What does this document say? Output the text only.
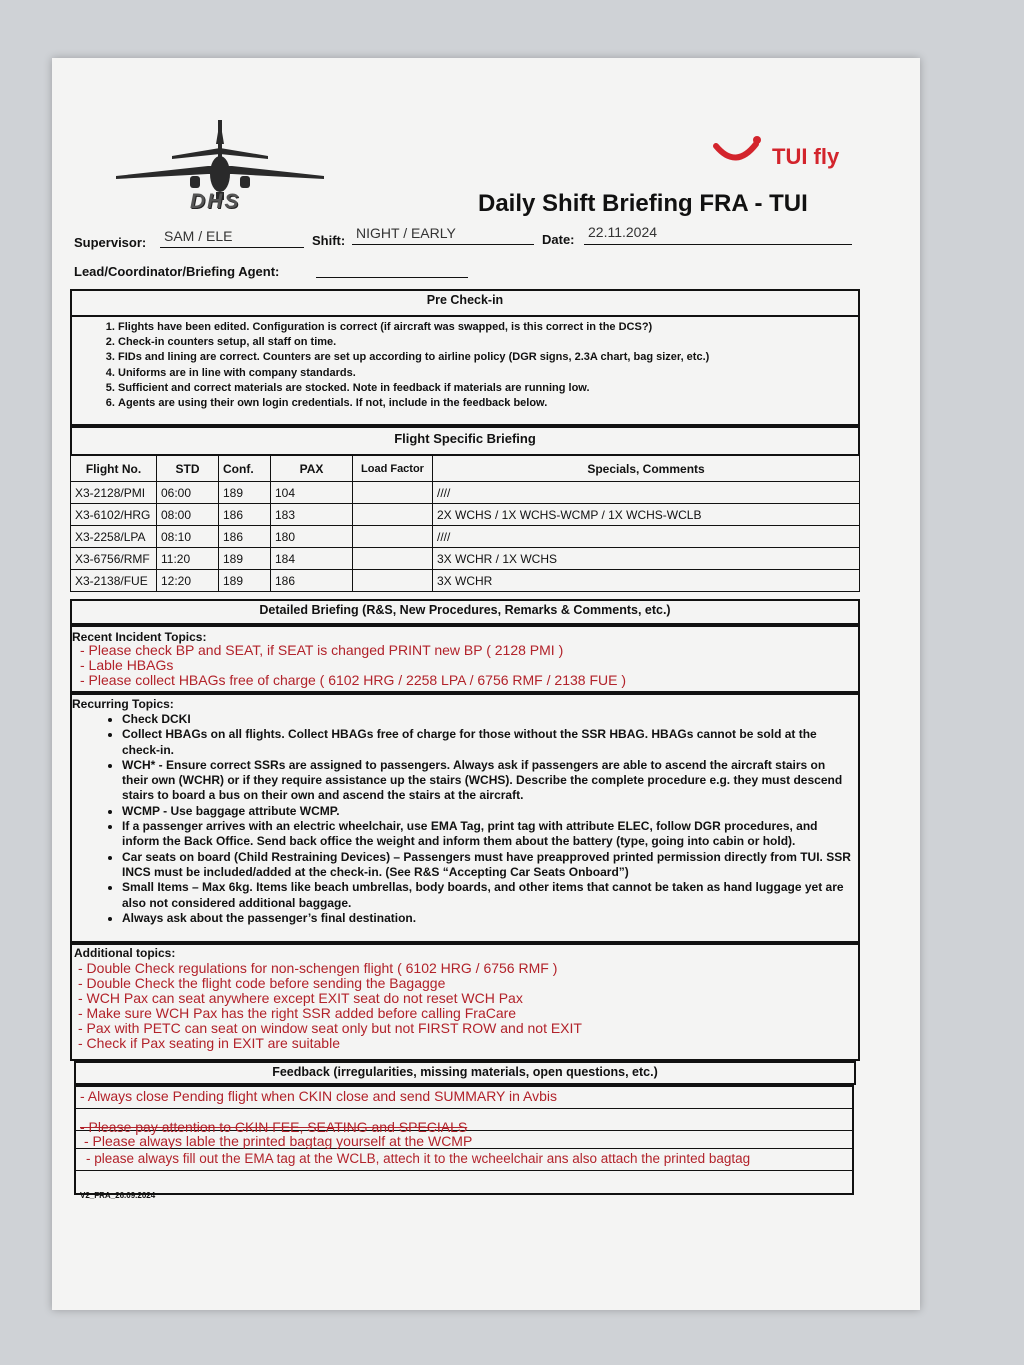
DHS
TUI fly
Daily Shift Briefing FRA - TUI
Supervisor: SAM / ELE	Shift: NIGHT / EARLY	Date: 22.11.2024
Lead/Coordinator/Briefing Agent:
Pre Check-in
1. Flights have been edited. Configuration is correct (if aircraft was swapped, is this correct in the DCS?)
2. Check-in counters setup, all staff on time.
3. FIDs and lining are correct. Counters are set up according to airline policy (DGR signs, 2.3A chart, bag sizer, etc.)
4. Uniforms are in line with company standards.
5. Sufficient and correct materials are stocked. Note in feedback if materials are running low.
6. Agents are using their own login credentials. If not, include in the feedback below.
Flight Specific Briefing
Flight No.	STD	Conf.	PAX	Load Factor	Specials, Comments
X3-2128/PMI	06:00	189	104		////
X3-6102/HRG	08:00	186	183		2X WCHS / 1X WCHS-WCMP / 1X WCHS-WCLB
X3-2258/LPA	08:10	186	180		////
X3-6756/RMF	11:20	189	184		3X WCHR / 1X WCHS
X3-2138/FUE	12:20	189	186		3X WCHR
Detailed Briefing (R&S, New Procedures, Remarks & Comments, etc.)
Recent Incident Topics:
- Please check BP and SEAT, if SEAT is changed PRINT new BP ( 2128 PMI )
- Lable HBAGs
- Please collect HBAGs free of charge ( 6102 HRG / 2258 LPA / 6756 RMF / 2138 FUE )
Recurring Topics:
• Check DCKI
• Collect HBAGs on all flights. Collect HBAGs free of charge for those without the SSR HBAG. HBAGs cannot be sold at the check-in.
• WCH* - Ensure correct SSRs are assigned to passengers. Always ask if passengers are able to ascend the aircraft stairs on their own (WCHR) or if they require assistance up the stairs (WCHS). Describe the complete procedure e.g. they must descend stairs to board a bus on their own and ascend the stairs at the aircraft.
• WCMP - Use baggage attribute WCMP.
• If a passenger arrives with an electric wheelchair, use EMA Tag, print tag with attribute ELEC, follow DGR procedures, and inform the Back Office. Send back office the weight and inform them about the battery (type, going into cabin or hold).
• Car seats on board (Child Restraining Devices) – Passengers must have preapproved printed permission directly from TUI. SSR INCS must be included/added at the check-in. (See R&S “Accepting Car Seats Onboard”)
• Small Items – Max 6kg. Items like beach umbrellas, body boards, and other items that cannot be taken as hand luggage yet are also not considered additional baggage.
• Always ask about the passenger’s final destination.
Additional topics:
- Double Check regulations for non-schengen flight ( 6102 HRG / 6756 RMF )
- Double Check the flight code before sending the Bagagge
- WCH Pax can seat anywhere except EXIT seat do not reset WCH Pax
- Make sure WCH Pax has the right SSR added before calling FraCare
- Pax with PETC can seat on window seat only but not FIRST ROW and not EXIT
- Check if Pax seating in EXIT are suitable
Feedback (irregularities, missing materials, open questions, etc.)
- Always close Pending flight when CKIN close and send SUMMARY in Avbis
- Please pay attention to CKIN FEE, SEATING and SPECIALS
- Please always lable the printed bagtag yourself at the WCMP
- please always fill out the EMA tag at the WCLB, attech it to the wcheelchair ans also attach the printed bagtag
V2_FRA_26.09.2024
